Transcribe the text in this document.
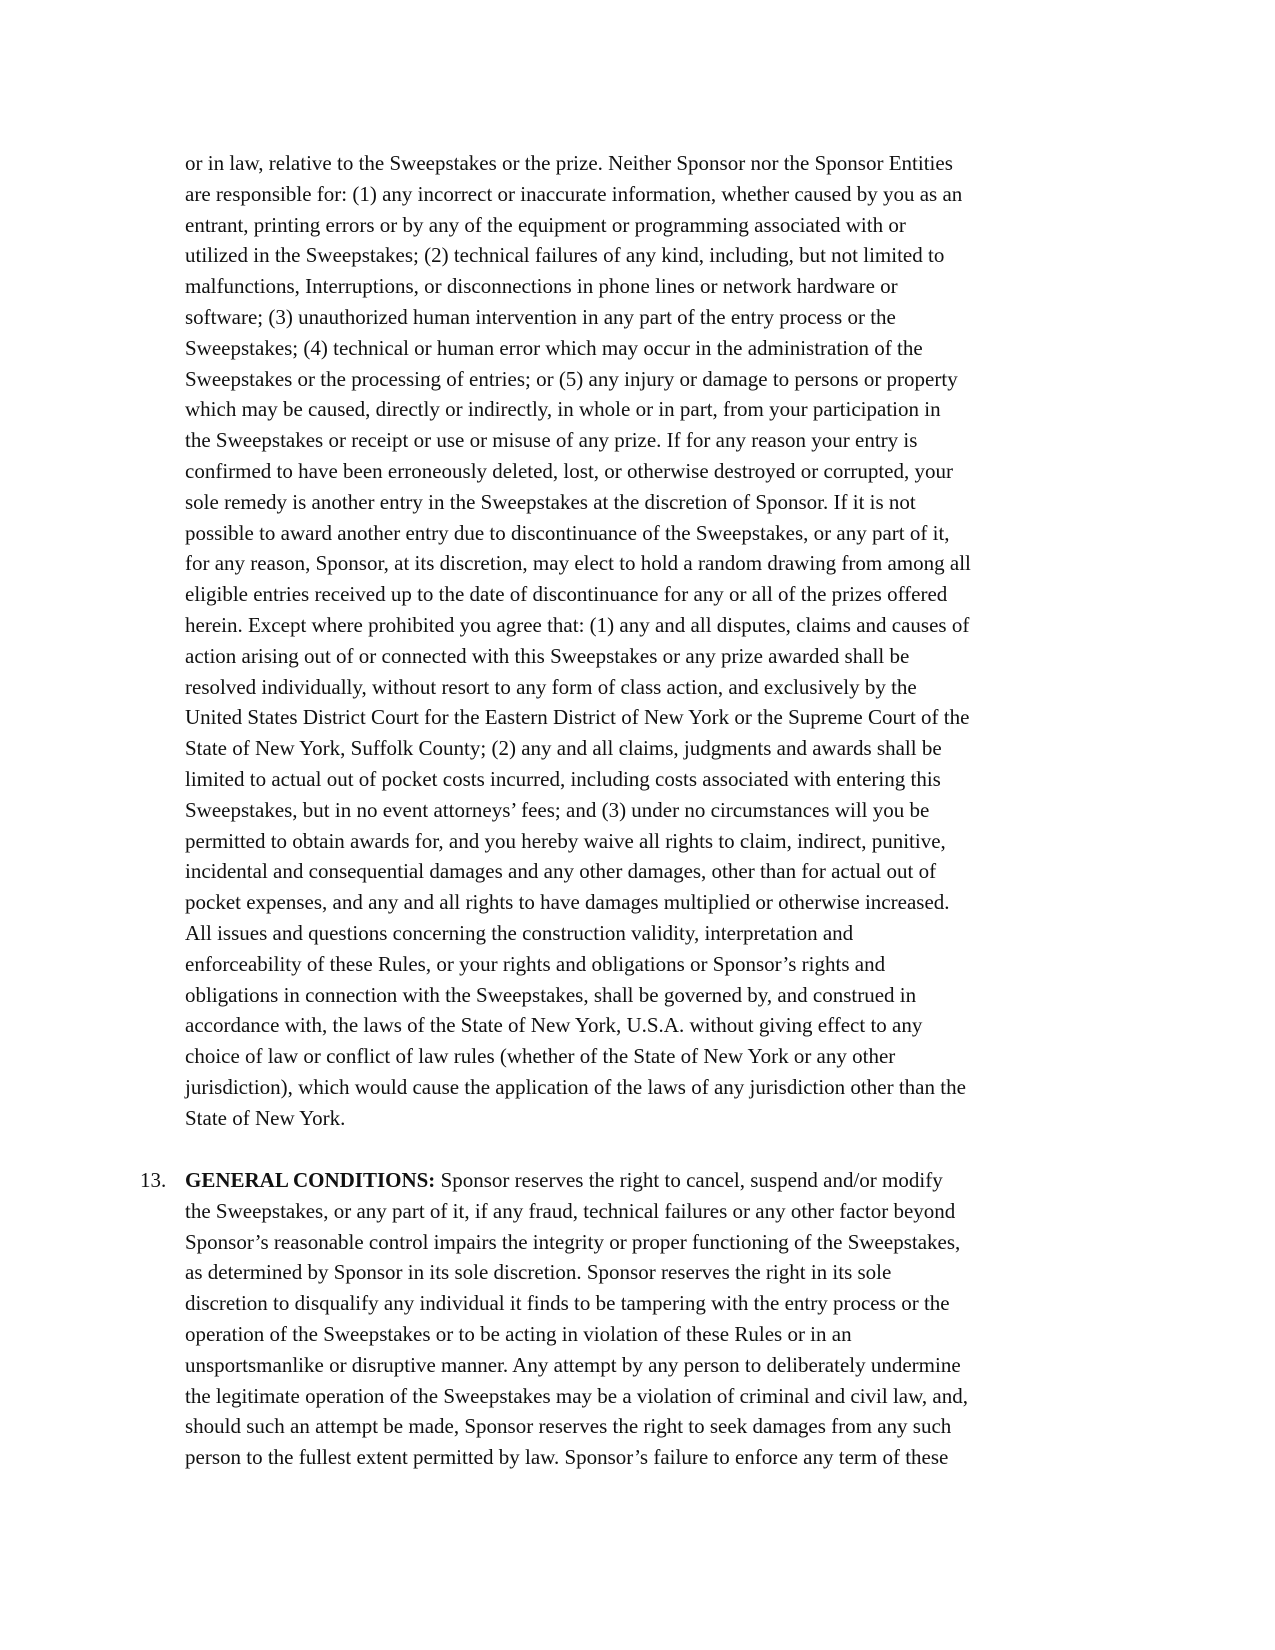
or in law, relative to the Sweepstakes or the prize. Neither Sponsor nor the Sponsor Entities
are responsible for: (1) any incorrect or inaccurate information, whether caused by you as an
entrant, printing errors or by any of the equipment or programming associated with or
utilized in the Sweepstakes; (2) technical failures of any kind, including, but not limited to
malfunctions, Interruptions, or disconnections in phone lines or network hardware or
software; (3) unauthorized human intervention in any part of the entry process or the
Sweepstakes; (4) technical or human error which may occur in the administration of the
Sweepstakes or the processing of entries; or (5) any injury or damage to persons or property
which may be caused, directly or indirectly, in whole or in part, from your participation in
the Sweepstakes or receipt or use or misuse of any prize. If for any reason your entry is
confirmed to have been erroneously deleted, lost, or otherwise destroyed or corrupted, your
sole remedy is another entry in the Sweepstakes at the discretion of Sponsor. If it is not
possible to award another entry due to discontinuance of the Sweepstakes, or any part of it,
for any reason, Sponsor, at its discretion, may elect to hold a random drawing from among all
eligible entries received up to the date of discontinuance for any or all of the prizes offered
herein. Except where prohibited you agree that: (1) any and all disputes, claims and causes of
action arising out of or connected with this Sweepstakes or any prize awarded shall be
resolved individually, without resort to any form of class action, and exclusively by the
United States District Court for the Eastern District of New York or the Supreme Court of the
State of New York, Suffolk County; (2) any and all claims, judgments and awards shall be
limited to actual out of pocket costs incurred, including costs associated with entering this
Sweepstakes, but in no event attorneys’ fees; and (3) under no circumstances will you be
permitted to obtain awards for, and you hereby waive all rights to claim, indirect, punitive,
incidental and consequential damages and any other damages, other than for actual out of
pocket expenses, and any and all rights to have damages multiplied or otherwise increased.
All issues and questions concerning the construction validity, interpretation and
enforceability of these Rules, or your rights and obligations or Sponsor’s rights and
obligations in connection with the Sweepstakes, shall be governed by, and construed in
accordance with, the laws of the State of New York, U.S.A. without giving effect to any
choice of law or conflict of law rules (whether of the State of New York or any other
jurisdiction), which would cause the application of the laws of any jurisdiction other than the
State of New York.
13. GENERAL CONDITIONS: Sponsor reserves the right to cancel, suspend and/or modify
the Sweepstakes, or any part of it, if any fraud, technical failures or any other factor beyond
Sponsor’s reasonable control impairs the integrity or proper functioning of the Sweepstakes,
as determined by Sponsor in its sole discretion. Sponsor reserves the right in its sole
discretion to disqualify any individual it finds to be tampering with the entry process or the
operation of the Sweepstakes or to be acting in violation of these Rules or in an
unsportsmanlike or disruptive manner. Any attempt by any person to deliberately undermine
the legitimate operation of the Sweepstakes may be a violation of criminal and civil law, and,
should such an attempt be made, Sponsor reserves the right to seek damages from any such
person to the fullest extent permitted by law. Sponsor’s failure to enforce any term of these
